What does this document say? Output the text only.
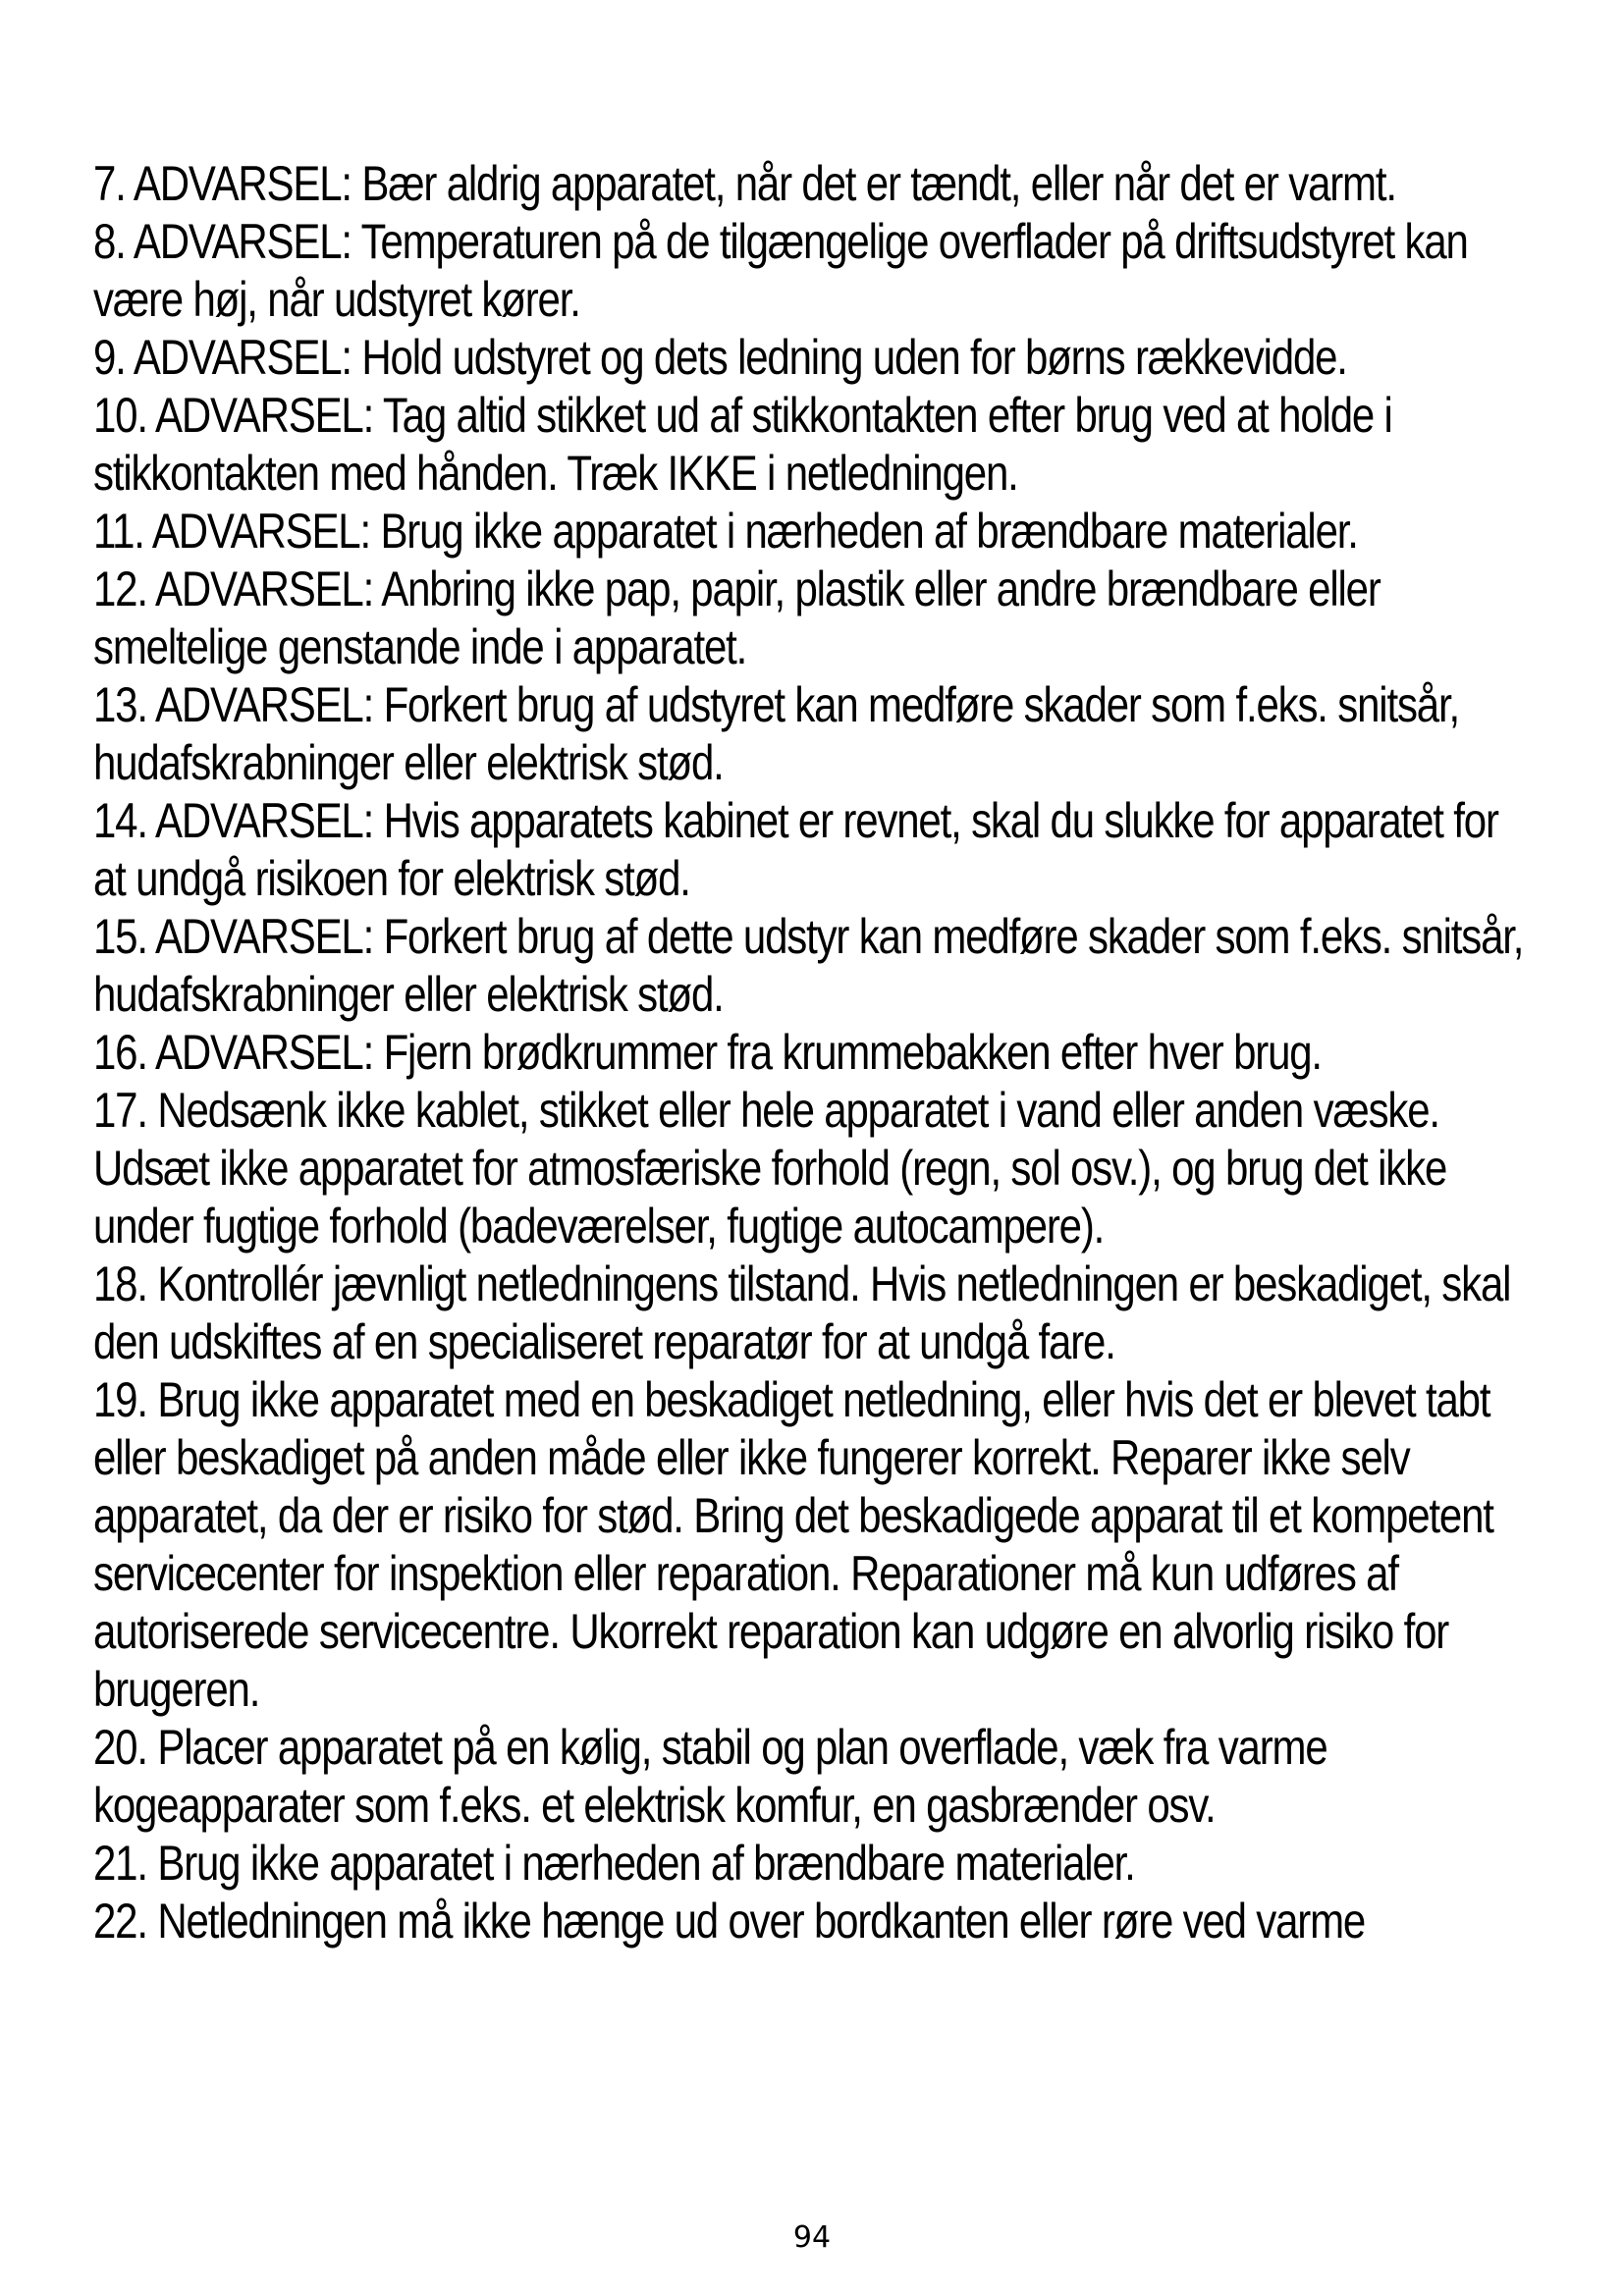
7. ADVARSEL: Bær aldrig apparatet, når det er tændt, eller når det er varmt.

8. ADVARSEL: Temperaturen på de tilgængelige overflader på driftsudstyret kan være høj, når udstyret kører.

9. ADVARSEL: Hold udstyret og dets ledning uden for børns rækkevidde.

10. ADVARSEL: Tag altid stikket ud af stikkontakten efter brug ved at holde i stikkontakten med hånden. Træk IKKE i netledningen.

11. ADVARSEL: Brug ikke apparatet i nærheden af brændbare materialer.

12. ADVARSEL: Anbring ikke pap, papir, plastik eller andre brændbare eller smeltelige genstande inde i apparatet.

13. ADVARSEL: Forkert brug af udstyret kan medføre skader som f.eks. snitsår, hudafskrabninger eller elektrisk stød.

14. ADVARSEL: Hvis apparatets kabinet er revnet, skal du slukke for apparatet for at undgå risikoen for elektrisk stød.

15. ADVARSEL: Forkert brug af dette udstyr kan medføre skader som f.eks. snitsår, hudafskrabninger eller elektrisk stød.

16. ADVARSEL: Fjern brødkrummer fra krummebakken efter hver brug.

17. Nedsænk ikke kablet, stikket eller hele apparatet i vand eller anden væske. Udsæt ikke apparatet for atmosfæriske forhold (regn, sol osv.), og brug det ikke under fugtige forhold (badeværelser, fugtige autocampere).

18. Kontrollér jævnligt netledningens tilstand. Hvis netledningen er beskadiget, skal den udskiftes af en specialiseret reparatør for at undgå fare.

19. Brug ikke apparatet med en beskadiget netledning, eller hvis det er blevet tabt eller beskadiget på anden måde eller ikke fungerer korrekt. Reparer ikke selv apparatet, da der er risiko for stød. Bring det beskadigede apparat til et kompetent servicecenter for inspektion eller reparation. Reparationer må kun udføres af autoriserede servicecentre. Ukorrekt reparation kan udgøre en alvorlig risiko for brugeren.

20. Placer apparatet på en kølig, stabil og plan overflade, væk fra varme kogeapparater som f.eks. et elektrisk komfur, en gasbrænder osv.

21. Brug ikke apparatet i nærheden af brændbare materialer.

22. Netledningen må ikke hænge ud over bordkanten eller røre ved varme

94
